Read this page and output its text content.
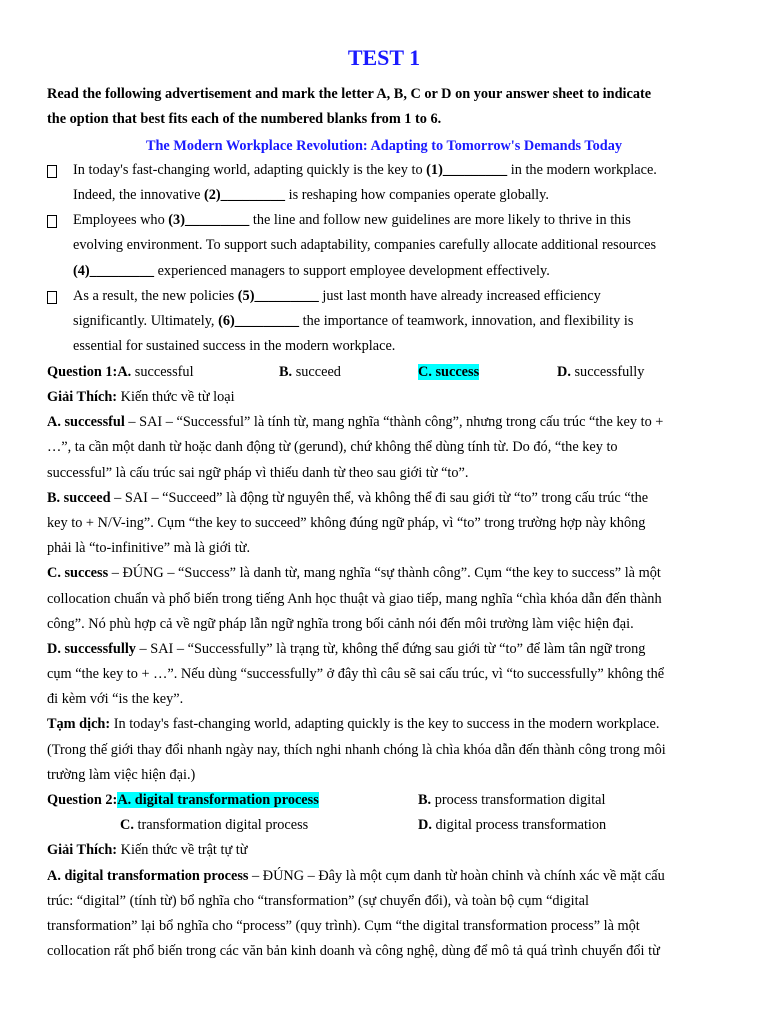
TEST 1
Read the following advertisement and mark the letter A, B, C or D on your answer sheet to indicate
the option that best fits each of the numbered blanks from 1 to 6.
The Modern Workplace Revolution: Adapting to Tomorrow's Demands Today
In today's fast-changing world, adapting quickly is the key to (1)_________ in the modern workplace.
Indeed, the innovative (2)_________ is reshaping how companies operate globally.
Employees who (3)_________ the line and follow new guidelines are more likely to thrive in this
evolving environment. To support such adaptability, companies carefully allocate additional resources
(4)_________ experienced managers to support employee development effectively.
As a result, the new policies (5)_________ just last month have already increased efficiency
significantly. Ultimately, (6)_________ the importance of teamwork, innovation, and flexibility is
essential for sustained success in the modern workplace.
Question 1:A. successful	B. succeed	C. success	D. successfully
Giải Thích: Kiến thức về từ loại
A. successful – SAI – “Successful” là tính từ, mang nghĩa “thành công”, nhưng trong cấu trúc “the key to +
…”, ta cần một danh từ hoặc danh động từ (gerund), chứ không thể dùng tính từ. Do đó, “the key to
successful” là cấu trúc sai ngữ pháp vì thiếu danh từ theo sau giới từ “to”.
B. succeed – SAI – “Succeed” là động từ nguyên thể, và không thể đi sau giới từ “to” trong cấu trúc “the
key to + N/V-ing”. Cụm “the key to succeed” không đúng ngữ pháp, vì “to” trong trường hợp này không
phải là “to-infinitive” mà là giới từ.
C. success – ĐÚNG – “Success” là danh từ, mang nghĩa “sự thành công”. Cụm “the key to success” là một
collocation chuẩn và phổ biến trong tiếng Anh học thuật và giao tiếp, mang nghĩa “chìa khóa dẫn đến thành
công”. Nó phù hợp cả về ngữ pháp lẫn ngữ nghĩa trong bối cảnh nói đến môi trường làm việc hiện đại.
D. successfully – SAI – “Successfully” là trạng từ, không thể đứng sau giới từ “to” để làm tân ngữ trong
cụm “the key to + …”. Nếu dùng “successfully” ở đây thì câu sẽ sai cấu trúc, vì “to successfully” không thể
đi kèm với “is the key”.
Tạm dịch: In today's fast-changing world, adapting quickly is the key to success in the modern workplace.
(Trong thế giới thay đổi nhanh ngày nay, thích nghi nhanh chóng là chìa khóa dẫn đến thành công trong môi
trường làm việc hiện đại.)
Question 2:A. digital transformation process	B. process transformation digital
C. transformation digital process	D. digital process transformation
Giải Thích: Kiến thức về trật tự từ
A. digital transformation process – ĐÚNG – Đây là một cụm danh từ hoàn chỉnh và chính xác về mặt cấu
trúc: “digital” (tính từ) bổ nghĩa cho “transformation” (sự chuyển đổi), và toàn bộ cụm “digital
transformation” lại bổ nghĩa cho “process” (quy trình). Cụm “the digital transformation process” là một
collocation rất phổ biến trong các văn bản kinh doanh và công nghệ, dùng để mô tả quá trình chuyển đổi từ
